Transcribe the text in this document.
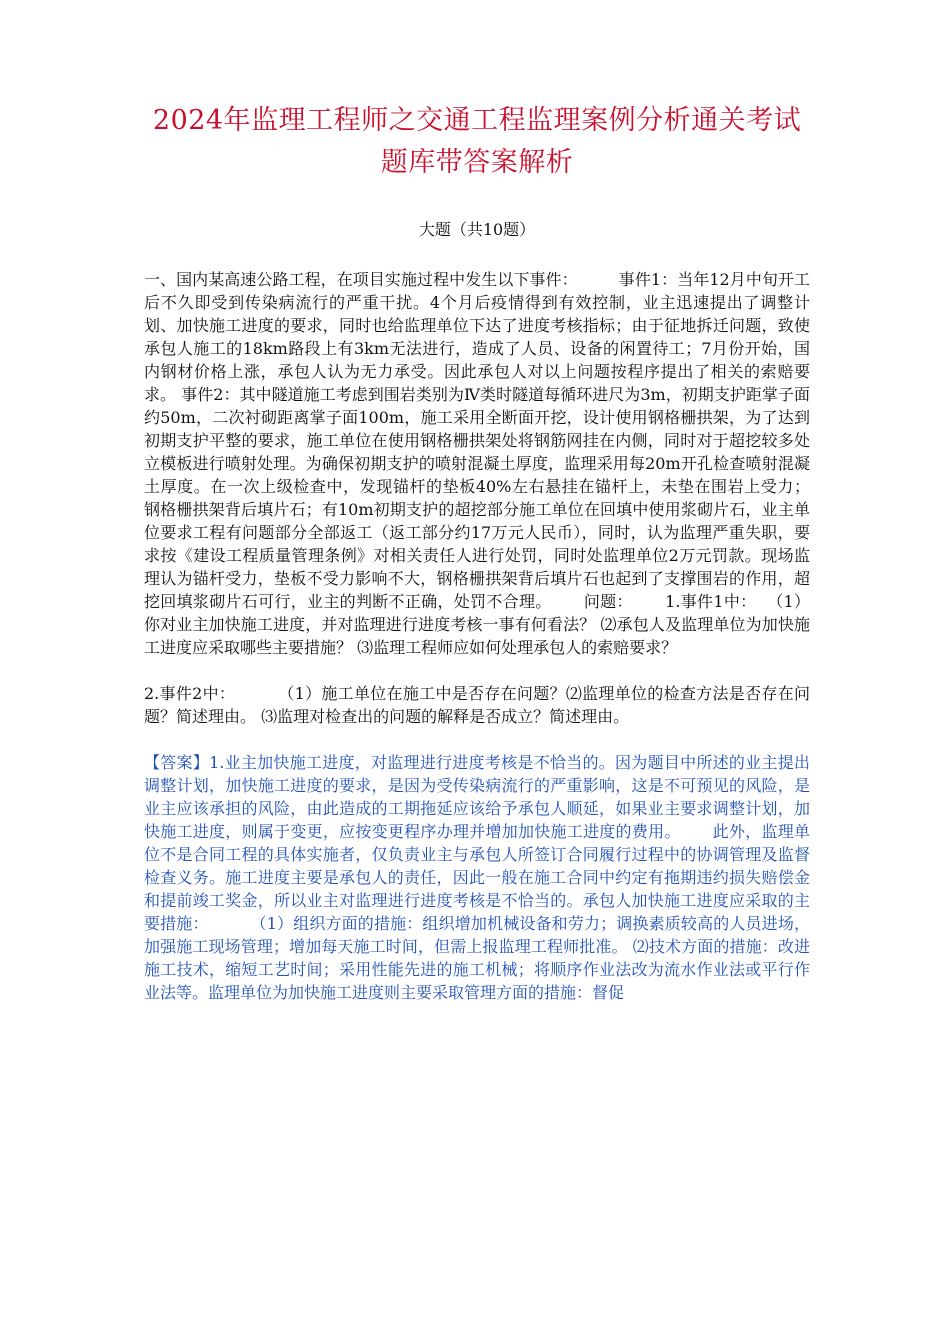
2024年监理工程师之交通工程监理案例分析通关考试题库带答案解析
大题（共10题）

一、国内某高速公路工程，在项目实施过程中发生以下事件：        事件1：当年12月中旬开工后不久即受到传染病流行的严重干扰。4个月后疫情得到有效控制，业主迅速提出了调整计划、加快施工进度的要求，同时也给监理单位下达了进度考核指标；由于征地拆迁问题，致使承包人施工的18km路段上有3km无法进行，造成了人员、设备的闲置待工；7月份开始，国内钢材价格上涨，承包人认为无力承受。因此承包人对以上问题按程序提出了相关的索赔要求。 事件2：其中隧道施工考虑到围岩类别为Ⅳ类时隧道每循环进尺为3m，初期支护距掌子面约50m，二次衬砌距离掌子面100m，施工采用全断面开挖，设计使用钢格栅拱架，为了达到初期支护平整的要求，施工单位在使用钢格栅拱架处将钢筋网挂在内侧，同时对于超挖较多处立模板进行喷射处理。为确保初期支护的喷射混凝土厚度，监理采用每20m开孔检查喷射混凝土厚度。在一次上级检查中，发现锚杆的垫板40%左右悬挂在锚杆上，未垫在围岩上受力；      钢格栅拱架背后填片石；有10m初期支护的超挖部分施工单位在回填中使用浆砌片石，业主单位要求工程有问题部分全部返工（返工部分约17万元人民币），同时，认为监理严重失职，要求按《建设工程质量管理条例》对相关责任人进行处罚，同时处监理单位2万元罚款。现场监理认为锚杆受力，垫板不受力影响不大，钢格栅拱架背后填片石也起到了支撑围岩的作用，超挖回填浆砌片石可行，业主的判断不正确，处罚不合理。      问题：      1.事件1中：  （1）你对业主加快施工进度，并对监理进行进度考核一事有何看法？ ⑵承包人及监理单位为加快施工进度应采取哪些主要措施？ ⑶监理工程师应如何处理承包人的索赔要求？

2.事件2中：        （1）施工单位在施工中是否存在问题？⑵监理单位的检查方法是否存在问题？简述理由。 ⑶监理对检查出的问题的解释是否成立？简述理由。

【答案】1.业主加快施工进度，对监理进行进度考核是不恰当的。因为题目中所述的业主提出调整计划，加快施工进度的要求，是因为受传染病流行的严重影响，这是不可预见的风险，是业主应该承担的风险，由此造成的工期拖延应该给予承包人顺延，如果业主要求调整计划，加快施工进度，则属于变更，应按变更程序办理并增加加快施工进度的费用。      此外，监理单位不是合同工程的具体实施者，仅负责业主与承包人所签订合同履行过程中的协调管理及监督检查义务。施工进度主要是承包人的责任，因此一般在施工合同中约定有拖期违约损失赔偿金和提前竣工奖金，所以业主对监理进行进度考核是不恰当的。承包人加快施工进度应采取的主要措施：        （1）组织方面的措施：组织增加机械设备和劳力；调换素质较高的人员进场，加强施工现场管理；增加每天施工时间，但需上报监理工程师批准。 ⑵技术方面的措施：改进施工技术，缩短工艺时间；采用性能先进的施工机械；将顺序作业法改为流水作业法或平行作业法等。监理单位为加快施工进度则主要采取管理方面的措施：督促
